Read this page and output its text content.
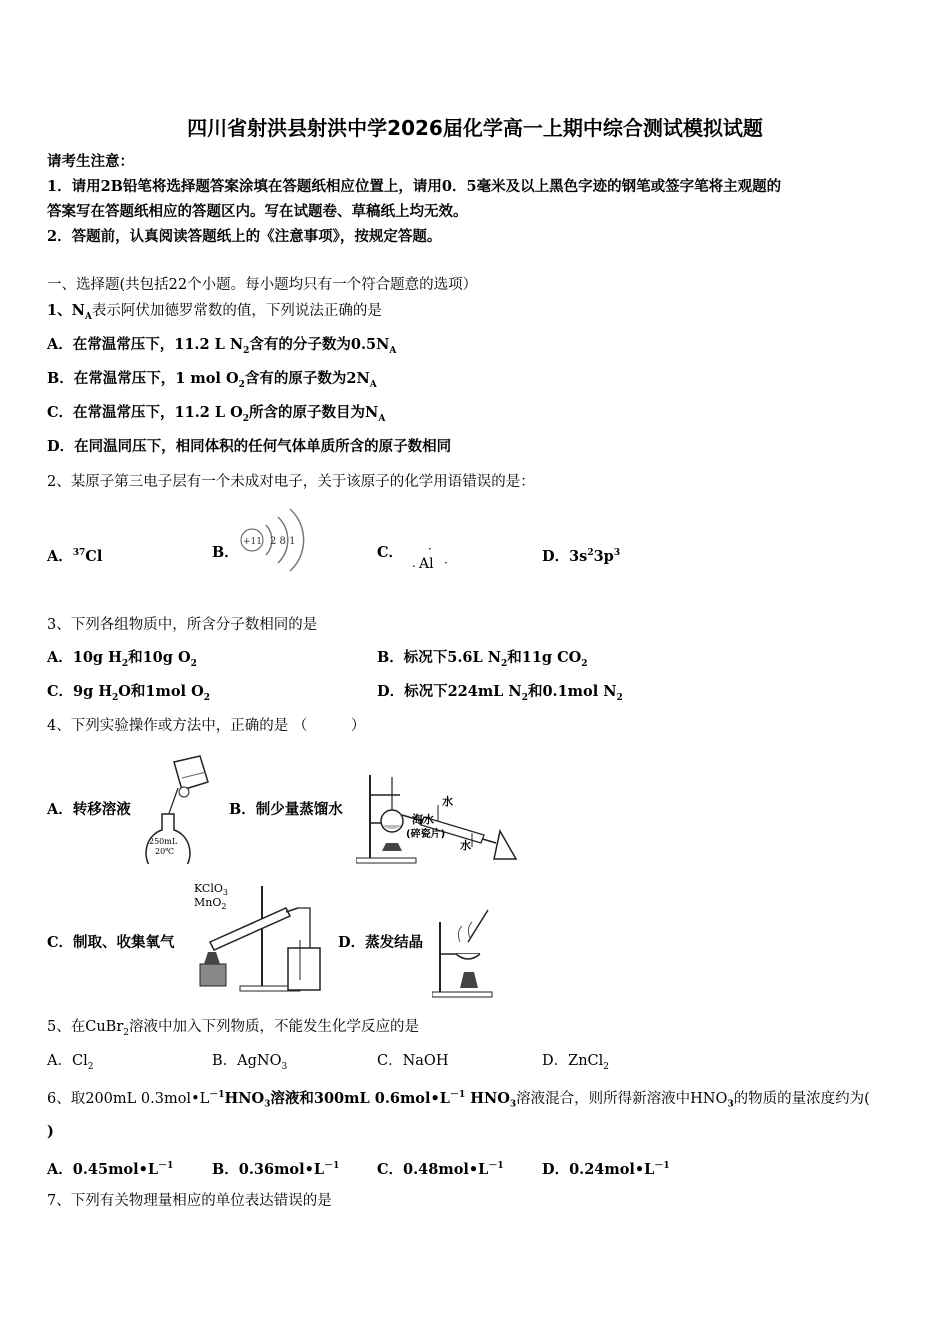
四川省射洪县射洪中学2026届化学高一上期中综合测试模拟试题
请考生注意：
1．请用2B铅笔将选择题答案涂填在答题纸相应位置上，请用0．5毫米及以上黑色字迹的钢笔或签字笔将主观题的
答案写在答题纸相应的答题区内。写在试题卷、草稿纸上均无效。
2．答题前，认真阅读答题纸上的《注意事项》，按规定答题。
一、选择题(共包括22个小题。每小题均只有一个符合题意的选项）
1、$N_A$表示阿伏加德罗常数的值，下列说法正确的是
A．在常温常压下，11.2 L $N_2$含有的分子数为$0.5N_A$
B．在常温常压下，1 mol $O_2$含有的原子数为$2N_A$
C．在常温常压下，11.2 L $O_2$所含的原子数目为$N_A$
D．在同温同压下，相同体积的任何气体单质所含的原子数相同
2、某原子第三电子层有一个未成对电子，关于该原子的化学用语错误的是：
A．$^{37}$Cl	B．
+11 2 8 1
C． ·
. Al ·	D．$3s^23p^3$
3、下列各组物质中，所含分子数相同的是
A．10g $H_2$和10g $O_2$	B．标况下5.6L $N_2$和11g $CO_2$
C．9g $H_2O$和1mol $O_2$	D．标况下224mL $N_2$和0.1mol $N_2$
4、下列实验操作或方法中，正确的是 （　　　）
A．转移溶液
250mL
20℃
B．制少量蒸馏水	水
海水
(碎瓷片)
水
C．制取、收集氧气
KClO$_3$
MnO$_2$
D．蒸发结晶
5、在CuBr$_2$溶液中加入下列物质，不能发生化学反应的是
A．$Cl_2$	B．AgNO$_3$	C．NaOH	D．ZnCl$_2$
6、取200mL $0.3mol•L^{-1}HNO_3$溶液和300mL $0.6mol•L^{-1}$ $HNO_3$溶液混合，则所得新溶液中$HNO_3$的物质的量浓度约为(
)
A．$0.45mol•L^{-1}$	B．$0.36mol•L^{-1}$	C．$0.48mol•L^{-1}$	D．$0.24mol•L^{-1}$
7、下列有关物理量相应的单位表达错误的是
